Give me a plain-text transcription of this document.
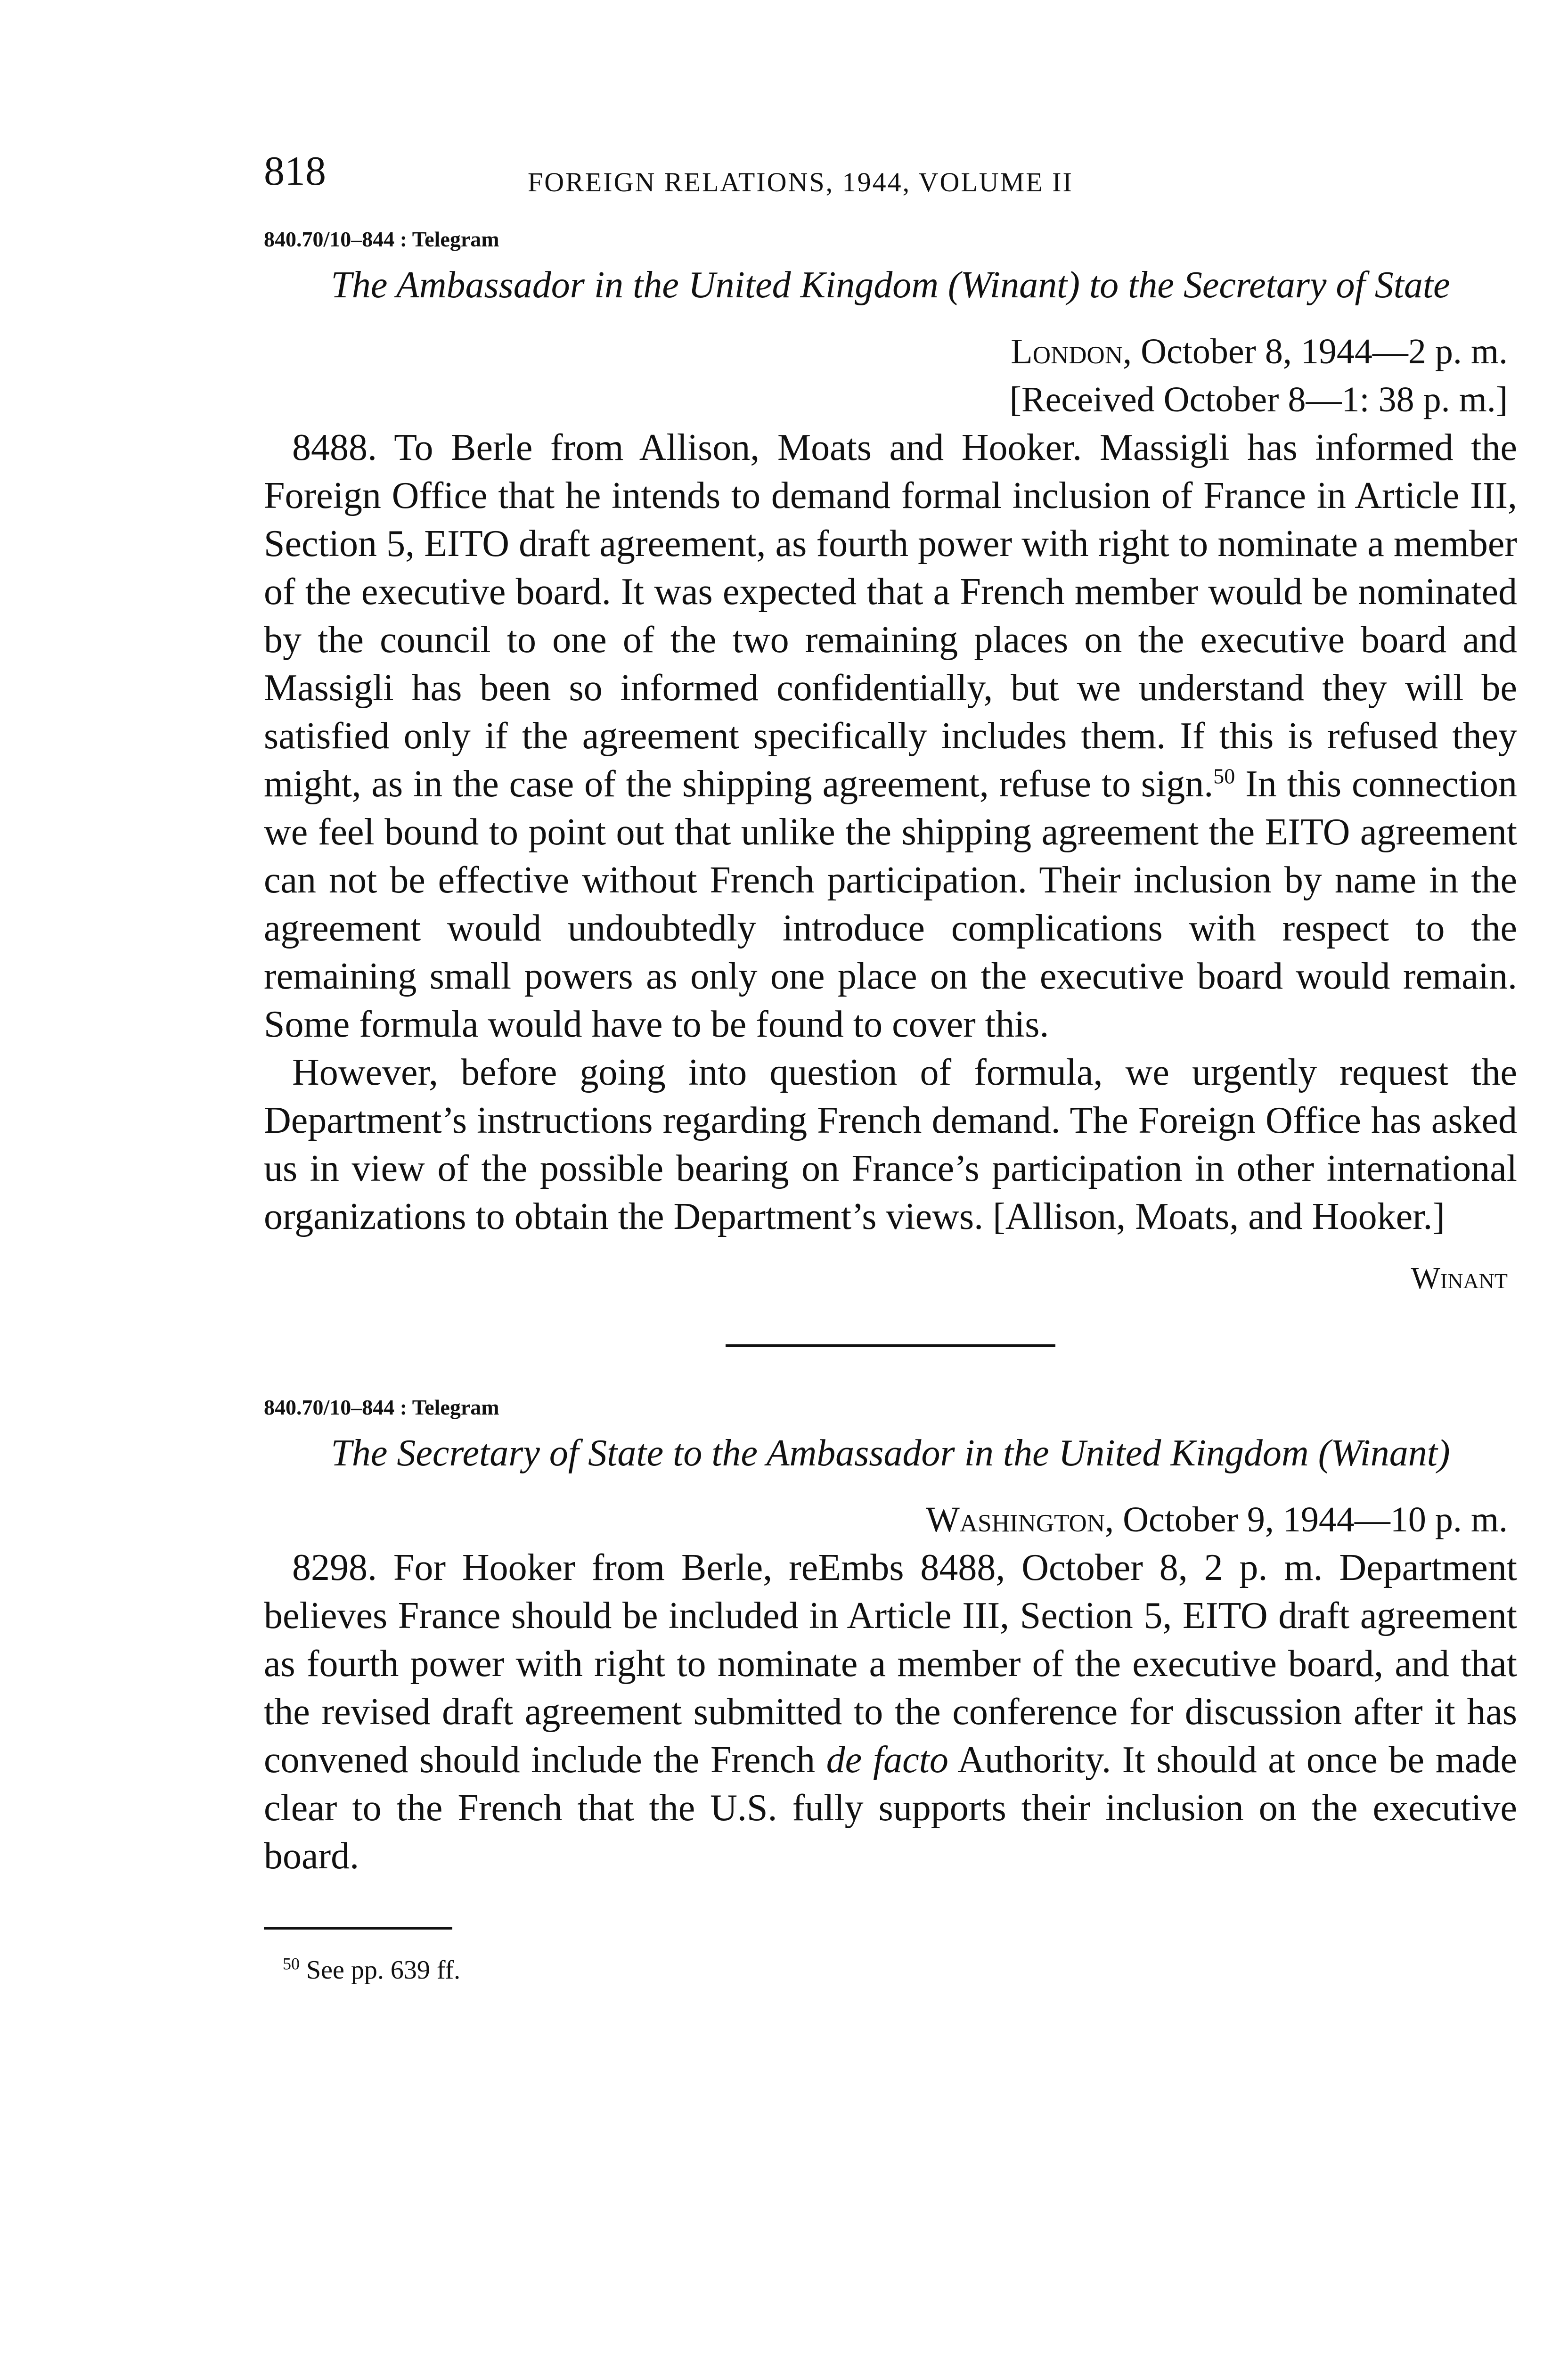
818	FOREIGN RELATIONS, 1944, VOLUME II
840.70/10–844 : Telegram
The Ambassador in the United Kingdom (Winant) to the Secretary of State
London, October 8, 1944—2 p. m.
[Received October 8—1: 38 p. m.]

8488. To Berle from Allison, Moats and Hooker. Massigli has informed the Foreign Office that he intends to demand formal inclusion of France in Article III, Section 5, EITO draft agreement, as fourth power with right to nominate a member of the executive board. It was expected that a French member would be nominated by the council to one of the two remaining places on the executive board and Massigli has been so informed confidentially, but we understand they will be satisfied only if the agreement specifically includes them. If this is refused they might, as in the case of the shipping agreement, refuse to sign.$^{50}$ In this connection we feel bound to point out that unlike the shipping agreement the EITO agreement can not be effective without French participation. Their inclusion by name in the agreement would undoubtedly introduce complications with respect to the remaining small powers as only one place on the executive board would remain. Some formula would have to be found to cover this.

However, before going into question of formula, we urgently request the Department’s instructions regarding French demand. The Foreign Office has asked us in view of the possible bearing on France’s participation in other international organizations to obtain the Department’s views. [Allison, Moats, and Hooker.]

Winant
840.70/10–844 : Telegram
The Secretary of State to the Ambassador in the United Kingdom (Winant)
Washington, October 9, 1944—10 p. m.

8298. For Hooker from Berle, reEmbs 8488, October 8, 2 p. m. Department believes France should be included in Article III, Section 5, EITO draft agreement as fourth power with right to nominate a member of the executive board, and that the revised draft agreement submitted to the conference for discussion after it has convened should include the French de facto Authority. It should at once be made clear to the French that the U.S. fully supports their inclusion on the executive board.

$^{50}$ See pp. 639 ff.
